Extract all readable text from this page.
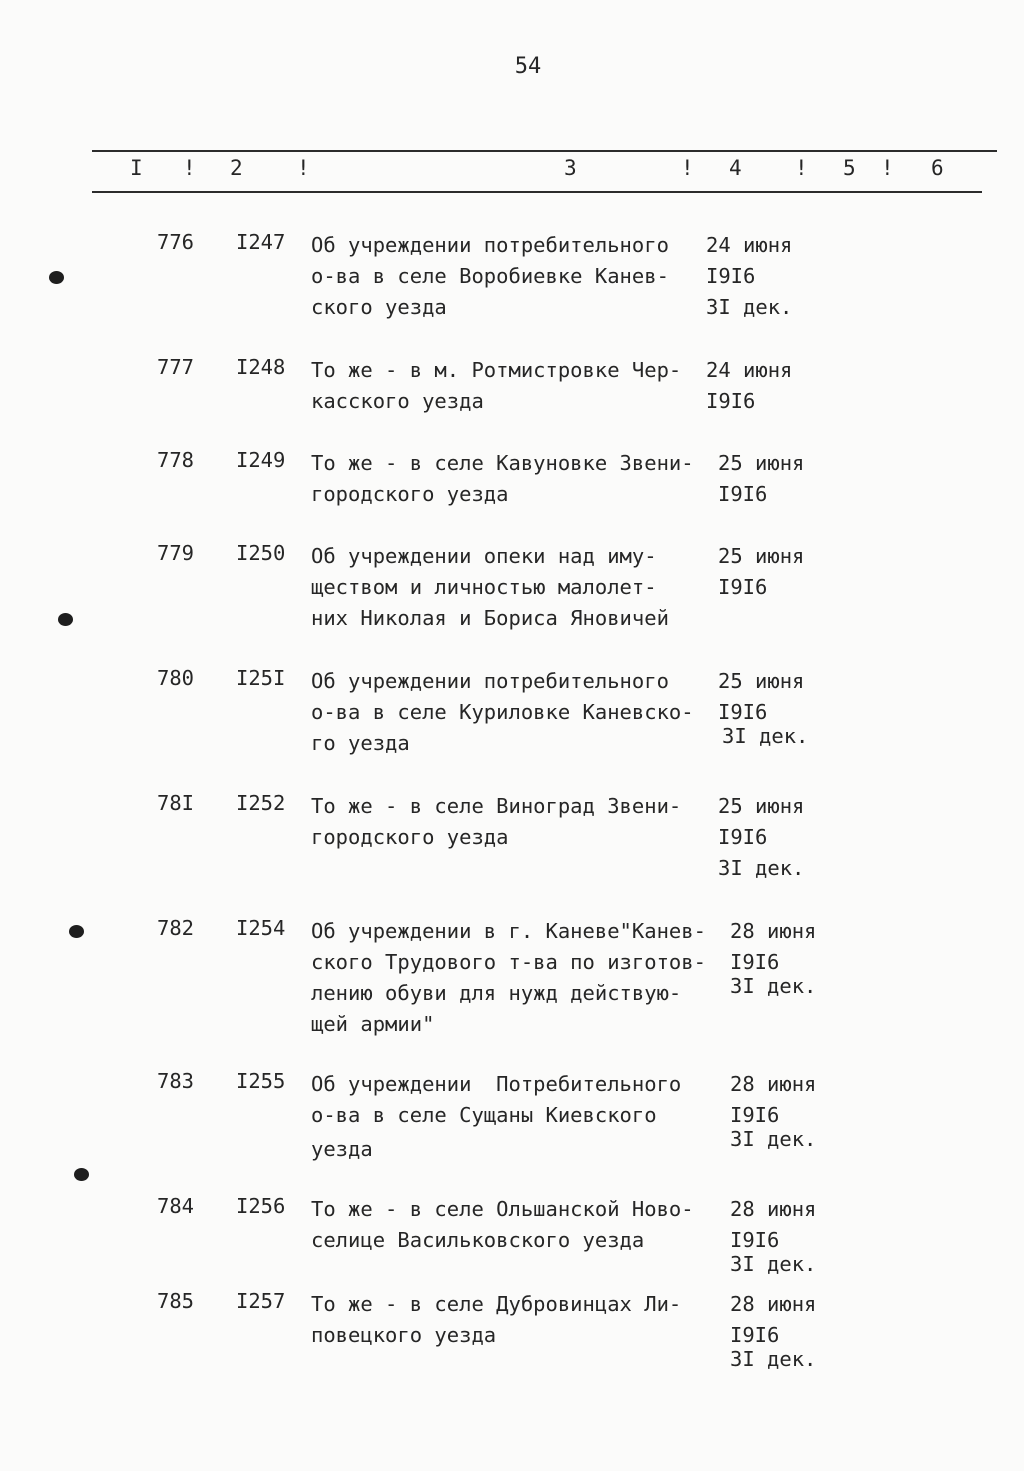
54
I ! 2	!	3	! 4	! 5 ! 6
776 I247 Об учреждении потребительного
о-ва в селе Воробиевке Канев-
ского уезда
24 июня
I9I6
3I дек.
777 I248 То же - в м. Ротмистровке Чер-
касского уезда
24 июня
I9I6
778 I249 То же - в селе Кавуновке Звени-
городского уезда
25 июня
I9I6
779 I250 Об учреждении опеки над иму-
ществом и личностью малолет-
них Николая и Бориса Яновичей
25 июня
I9I6
780 I25I Об учреждении потребительного
о-ва в селе Куриловке Каневско-
го уезда
25 июня
I9I6
3I дек.
78I I252 То же - в селе Виноград Звени-
городского уезда
25 июня
I9I6
3I дек.
782 I254 Об учреждении в г. Каневе"Канев-
ского Трудового т-ва по изготов-
лению обуви для нужд действую-
щей армии"
28 июня
I9I6
3I дек.
783 I255 Об учреждении  Потребительного
о-ва в селе Сущаны Киевского
уезда
28 июня
I9I6
3I дек.
784 I256 То же - в селе Ольшанской Ново-
селице Васильковского уезда
28 июня
I9I6
3I дек.
785 I257 То же - в селе Дубровинцах Ли-
повецкого уезда
28 июня
I9I6
3I дек.
